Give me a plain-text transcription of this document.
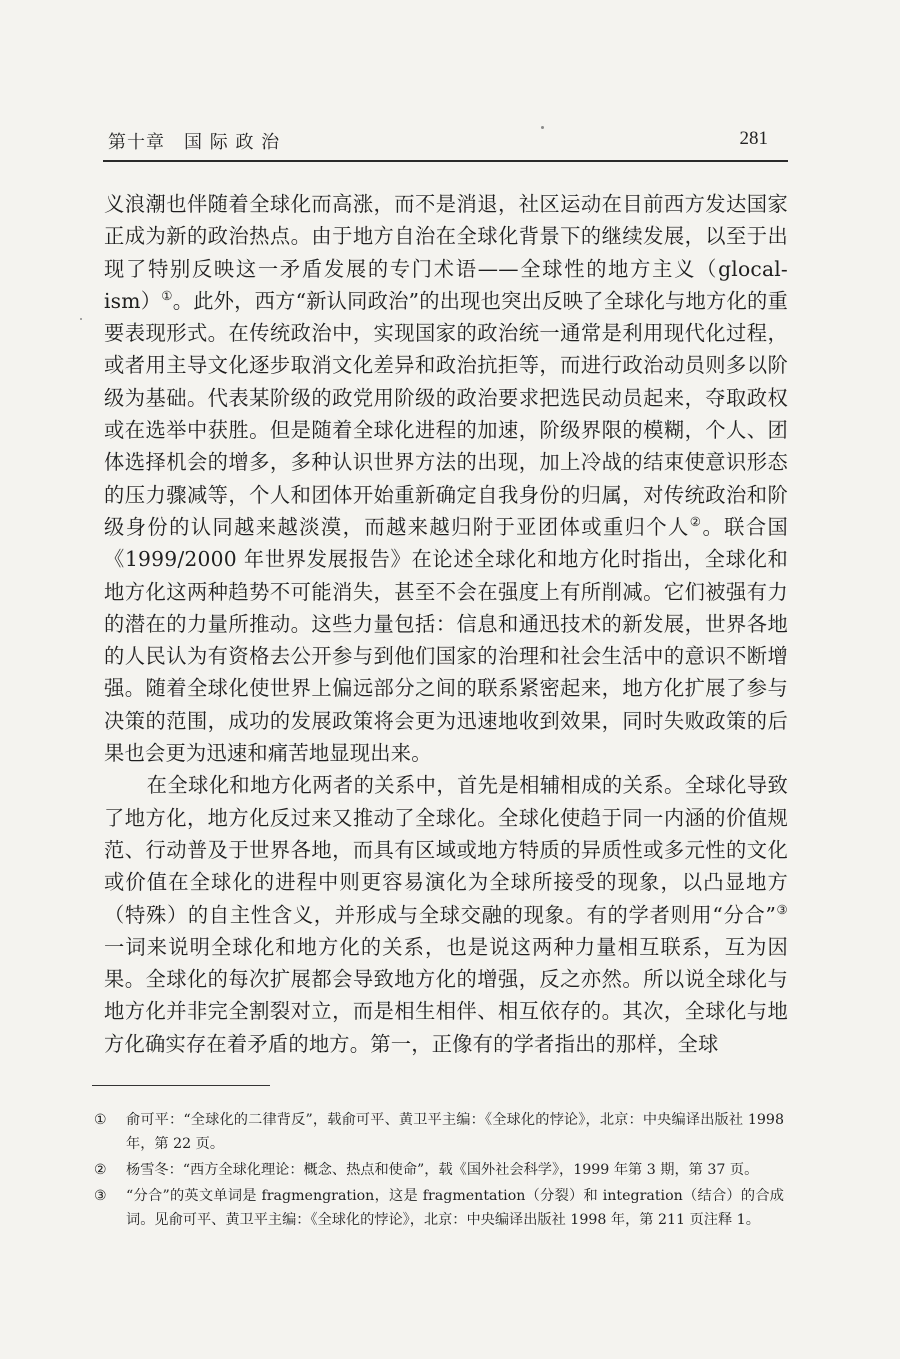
第十章　国 际 政 治	281

义浪潮也伴随着全球化而高涨，而不是消退，社区运动在目前西方发达国家正成为新的政治热点。由于地方自治在全球化背景下的继续发展，以至于出现了特别反映这一矛盾发展的专门术语——全球性的地方主义（glocal-ism）①。此外，西方“新认同政治”的出现也突出反映了全球化与地方化的重要表现形式。在传统政治中，实现国家的政治统一通常是利用现代化过程，或者用主导文化逐步取消文化差异和政治抗拒等，而进行政治动员则多以阶级为基础。代表某阶级的政党用阶级的政治要求把选民动员起来，夺取政权或在选举中获胜。但是随着全球化进程的加速，阶级界限的模糊，个人、团体选择机会的增多，多种认识世界方法的出现，加上冷战的结束使意识形态的压力骤减等，个人和团体开始重新确定自我身份的归属，对传统政治和阶级身份的认同越来越淡漠，而越来越归附于亚团体或重归个人②。联合国《1999/2000 年世界发展报告》在论述全球化和地方化时指出，全球化和地方化这两种趋势不可能消失，甚至不会在强度上有所削减。它们被强有力的潜在的力量所推动。这些力量包括：信息和通迅技术的新发展，世界各地的人民认为有资格去公开参与到他们国家的治理和社会生活中的意识不断增强。随着全球化使世界上偏远部分之间的联系紧密起来，地方化扩展了参与决策的范围，成功的发展政策将会更为迅速地收到效果，同时失败政策的后果也会更为迅速和痛苦地显现出来。

在全球化和地方化两者的关系中，首先是相辅相成的关系。全球化导致了地方化，地方化反过来又推动了全球化。全球化使趋于同一内涵的价值规范、行动普及于世界各地，而具有区域或地方特质的异质性或多元性的文化或价值在全球化的进程中则更容易演化为全球所接受的现象，以凸显地方（特殊）的自主性含义，并形成与全球交融的现象。有的学者则用“分合”③一词来说明全球化和地方化的关系，也是说这两种力量相互联系，互为因果。全球化的每次扩展都会导致地方化的增强，反之亦然。所以说全球化与地方化并非完全割裂对立，而是相生相伴、相互依存的。其次，全球化与地方化确实存在着矛盾的地方。第一，正像有的学者指出的那样，全球

①	俞可平：“全球化的二律背反”，载俞可平、黄卫平主编：《全球化的悖论》，北京：中央编译出版社 1998 年，第 22 页。
②	杨雪冬：“西方全球化理论：概念、热点和使命”，载《国外社会科学》，1999 年第 3 期，第 37 页。
③	“分合”的英文单词是 fragmengration，这是 fragmentation（分裂）和 integration（结合）的合成词。见俞可平、黄卫平主编：《全球化的悖论》，北京：中央编译出版社 1998 年，第 211 页注释 1。
